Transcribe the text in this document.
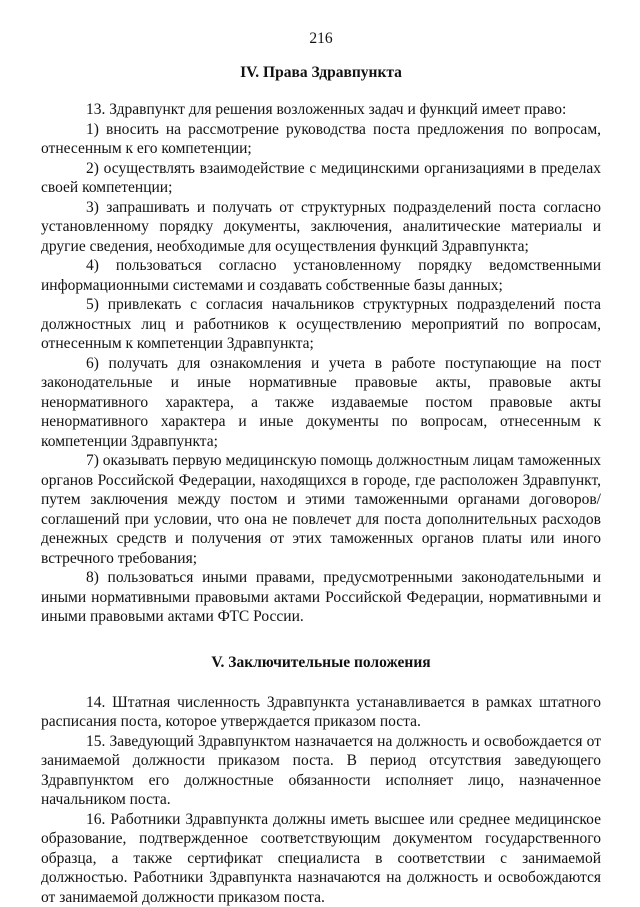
216
IV. Права Здравпункта

13. Здравпункт для решения возложенных задач и функций имеет право:

1) вносить на рассмотрение руководства поста предложения по вопросам, отнесенным к его компетенции;

2) осуществлять взаимодействие с медицинскими организациями в пределах своей компетенции;

3) запрашивать и получать от структурных подразделений поста согласно установленному порядку документы, заключения, аналитические материалы и другие сведения, необходимые для осуществления функций Здравпункта;

4) пользоваться согласно установленному порядку ведомственными информационными системами и создавать собственные базы данных;

5) привлекать с согласия начальников структурных подразделений поста должностных лиц и работников к осуществлению мероприятий по вопросам, отнесенным к компетенции Здравпункта;

6) получать для ознакомления и учета в работе поступающие на пост законодательные и иные нормативные правовые акты, правовые акты ненормативного характера, а также издаваемые постом правовые акты ненормативного характера и иные документы по вопросам, отнесенным к компетенции Здравпункта;

7) оказывать первую медицинскую помощь должностным лицам таможенных органов Российской Федерации, находящихся в городе, где расположен Здравпункт, путем заключения между постом и этими таможенными органами договоров/соглашений при условии, что она не повлечет для поста дополнительных расходов денежных средств и получения от этих таможенных органов платы или иного встречного требования;

8) пользоваться иными правами, предусмотренными законодательными и иными нормативными правовыми актами Российской Федерации, нормативными и иными правовыми актами ФТС России.

V. Заключительные положения

14. Штатная численность Здравпункта устанавливается в рамках штатного расписания поста, которое утверждается приказом поста.

15. Заведующий Здравпунктом назначается на должность и освобождается от занимаемой должности приказом поста. В период отсутствия заведующего Здравпунктом его должностные обязанности исполняет лицо, назначенное начальником поста.

16. Работники Здравпункта должны иметь высшее или среднее медицинское образование, подтвержденное соответствующим документом государственного образца, а также сертификат специалиста в соответствии с занимаемой должностью. Работники Здравпункта назначаются на должность и освобождаются от занимаемой должности приказом поста.
